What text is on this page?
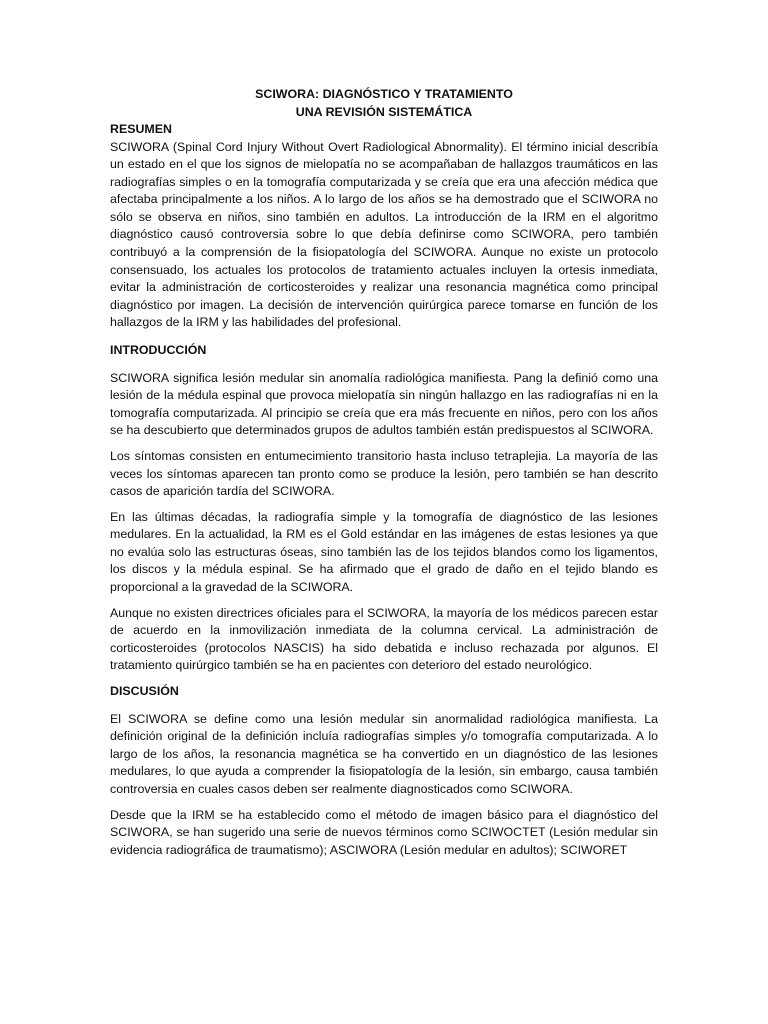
SCIWORA: DIAGNÓSTICO Y TRATAMIENTO

UNA REVISIÓN SISTEMÁTICA

RESUMEN

SCIWORA (Spinal Cord Injury Without Overt Radiological Abnormality). El término inicial describía un estado en el que los signos de mielopatía no se acompañaban de hallazgos traumáticos en las radiografías simples o en la tomografía computarizada y se creía que era una afección médica que afectaba principalmente a los niños. A lo largo de los años se ha demostrado que el SCIWORA no sólo se observa en niños, sino también en adultos. La introducción de la IRM en el algoritmo diagnóstico causó controversia sobre lo que debía definirse como SCIWORA, pero también contribuyó a la comprensión de la fisiopatología del SCIWORA. Aunque no existe un protocolo consensuado, los actuales los protocolos de tratamiento actuales incluyen la ortesis inmediata, evitar la administración de corticosteroides y realizar una resonancia magnética como principal diagnóstico por imagen. La decisión de intervención quirúrgica parece tomarse en función de los hallazgos de la IRM y las habilidades del profesional.

INTRODUCCIÓN

SCIWORA significa lesión medular sin anomalía radiológica manifiesta. Pang la definió como una lesión de la médula espinal que provoca mielopatía sin ningún hallazgo en las radiografías ni en la tomografía computarizada. Al principio se creía que era más frecuente en niños, pero con los años se ha descubierto que determinados grupos de adultos también están predispuestos al SCIWORA.

Los síntomas consisten en entumecimiento transitorio hasta incluso tetraplejia. La mayoría de las veces los síntomas aparecen tan pronto como se produce la lesión, pero también se han descrito casos de aparición tardía del SCIWORA.

En las últimas décadas, la radiografía simple y la tomografía de diagnóstico de las lesiones medulares. En la actualidad, la RM es el Gold estándar en las imágenes de estas lesiones ya que no evalúa solo las estructuras óseas, sino también las de los tejidos blandos como los ligamentos, los discos y la médula espinal. Se ha afirmado que el grado de daño en el tejido blando es proporcional a la gravedad de la SCIWORA.

Aunque no existen directrices oficiales para el SCIWORA, la mayoría de los médicos parecen estar de acuerdo en la inmovilización inmediata de la columna cervical. La administración de corticosteroides (protocolos NASCIS) ha sido debatida e incluso rechazada por algunos. El tratamiento quirúrgico también se ha en pacientes con deterioro del estado neurológico.

DISCUSIÓN

El SCIWORA se define como una lesión medular sin anormalidad radiológica manifiesta. La definición original de la definición incluía radiografías simples y/o tomografía computarizada. A lo largo de los años, la resonancia magnética se ha convertido en un diagnóstico de las lesiones medulares, lo que ayuda a comprender la fisiopatología de la lesión, sin embargo, causa también controversia en cuales casos deben ser realmente diagnosticados como SCIWORA.

Desde que la IRM se ha establecido como el método de imagen básico para el diagnóstico del SCIWORA, se han sugerido una serie de nuevos términos como SCIWOCTET (Lesión medular sin evidencia radiográfica de traumatismo); ASCIWORA (Lesión medular en adultos); SCIWORET
